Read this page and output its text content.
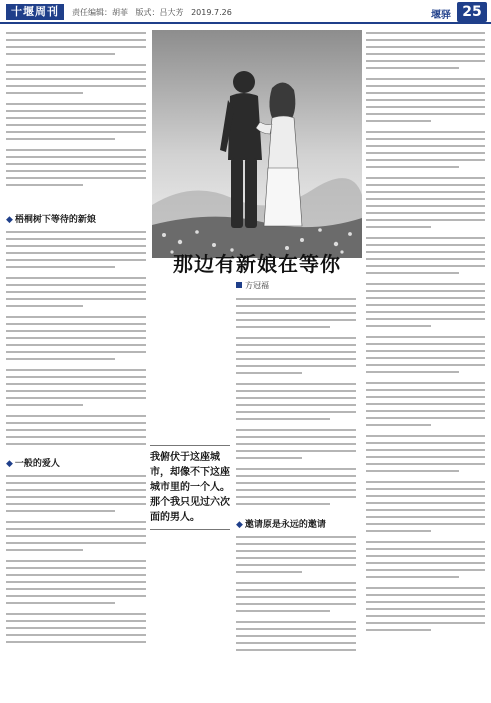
十堰周刊	责任编辑：胡菲 版式：吕大芳 2019.7.26	堰驿 25
◆ 梧桐树下等待的新娘
◆ 一般的爱人
那边有新娘在等你
方冠福
我俯伏于这座城市，却像不下这座城市里的一个人。那个我只见过六次面的男人。
◆ 邀请原是永远的邀请
